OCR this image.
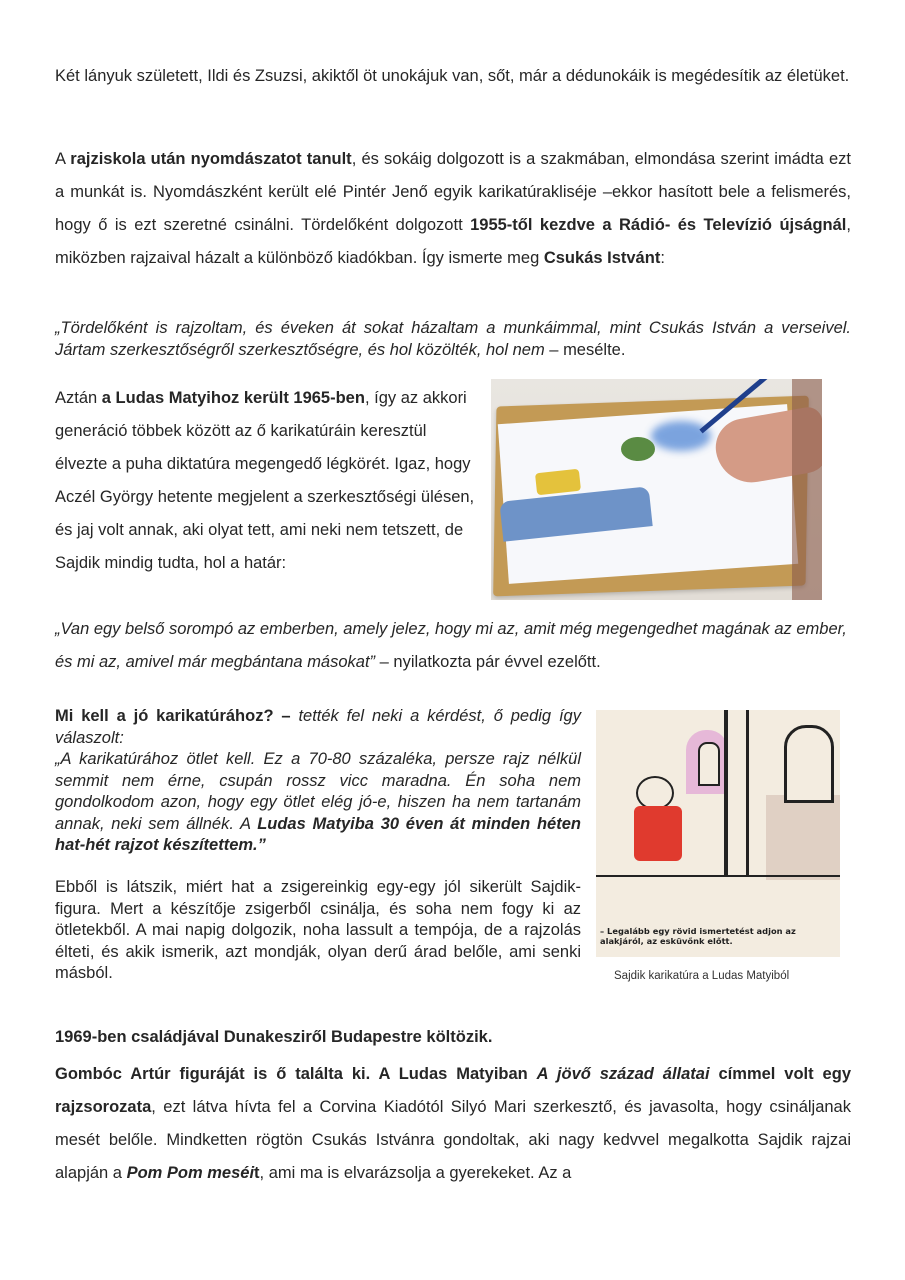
Két lányuk született, Ildi és Zsuzsi, akiktől öt unokájuk van, sőt, már a dédunokáik is megédesítik az életüket.

A rajziskola után nyomdászatot tanult, és sokáig dolgozott is a szakmában, elmondása szerint imádta ezt a munkát is. Nyomdászként került elé Pintér Jenő egyik karikatúrakliséje –ekkor hasított bele a felismerés, hogy ő is ezt szeretné csinálni. Tördelőként dolgozott 1955-től kezdve a Rádió- és Televízió újságnál, miközben rajzaival házalt a különböző kiadókban. Így ismerte meg Csukás Istvánt:

„Tördelőként is rajzoltam, és éveken át sokat házaltam a munkáimmal, mint Csukás István a verseivel. Jártam szerkesztőségről szerkesztőségre, és hol közölték, hol nem – mesélte.

Aztán a Ludas Matyihoz került 1965-ben, így az akkori generáció többek között az ő karikatúráin keresztül élvezte a puha diktatúra megengedő légkörét. Igaz, hogy Aczél György hetente megjelent a szerkesztőségi ülésen, és jaj volt annak, aki olyat tett, ami neki nem tetszett, de Sajdik mindig tudta, hol a határ:

„Van egy belső sorompó az emberben, amely jelez, hogy mi az, amit még megengedhet magának az ember, és mi az, amivel már megbántana másokat” – nyilatkozta pár évvel ezelőtt.

Mi kell a jó karikatúrához? – tették fel neki a kérdést, ő pedig így válaszolt:
„A karikatúrához ötlet kell. Ez a 70-80 százaléka, persze rajz nélkül semmit nem érne, csupán rossz vicc maradna. Én soha nem gondolkodom azon, hogy egy ötlet elég jó-e, hiszen ha nem tartanám annak, neki sem állnék. A Ludas Matyiba 30 éven át minden héten hat-hét rajzot készítettem.”

Ebből is látszik, miért hat a zsigereinkig egy-egy jól sikerült Sajdik-figura. Mert a készítője zsigerből csinálja, és soha nem fogy ki az ötletekből. A mai napig dolgozik, noha lassult a tempója, de a rajzolás élteti, és akik ismerik, azt mondják, olyan derű árad belőle, ami senki másból.

– Legalább egy rövid ismertetést adjon az alakjáról, az esküvőnk előtt.
Sajdik karikatúra a Ludas Matyiból

1969-ben családjával Dunakesziről Budapestre költözik.

Gombóc Artúr figuráját is ő találta ki. A Ludas Matyiban A jövő század állatai címmel volt egy rajzsorozata, ezt látva hívta fel a Corvina Kiadótól Silyó Mari szerkesztő, és javasolta, hogy csináljanak mesét belőle. Mindketten rögtön Csukás Istvánra gondoltak, aki nagy kedvvel megalkotta Sajdik rajzai alapján a Pom Pom meséit, ami ma is elvarázsolja a gyerekeket. Az a
